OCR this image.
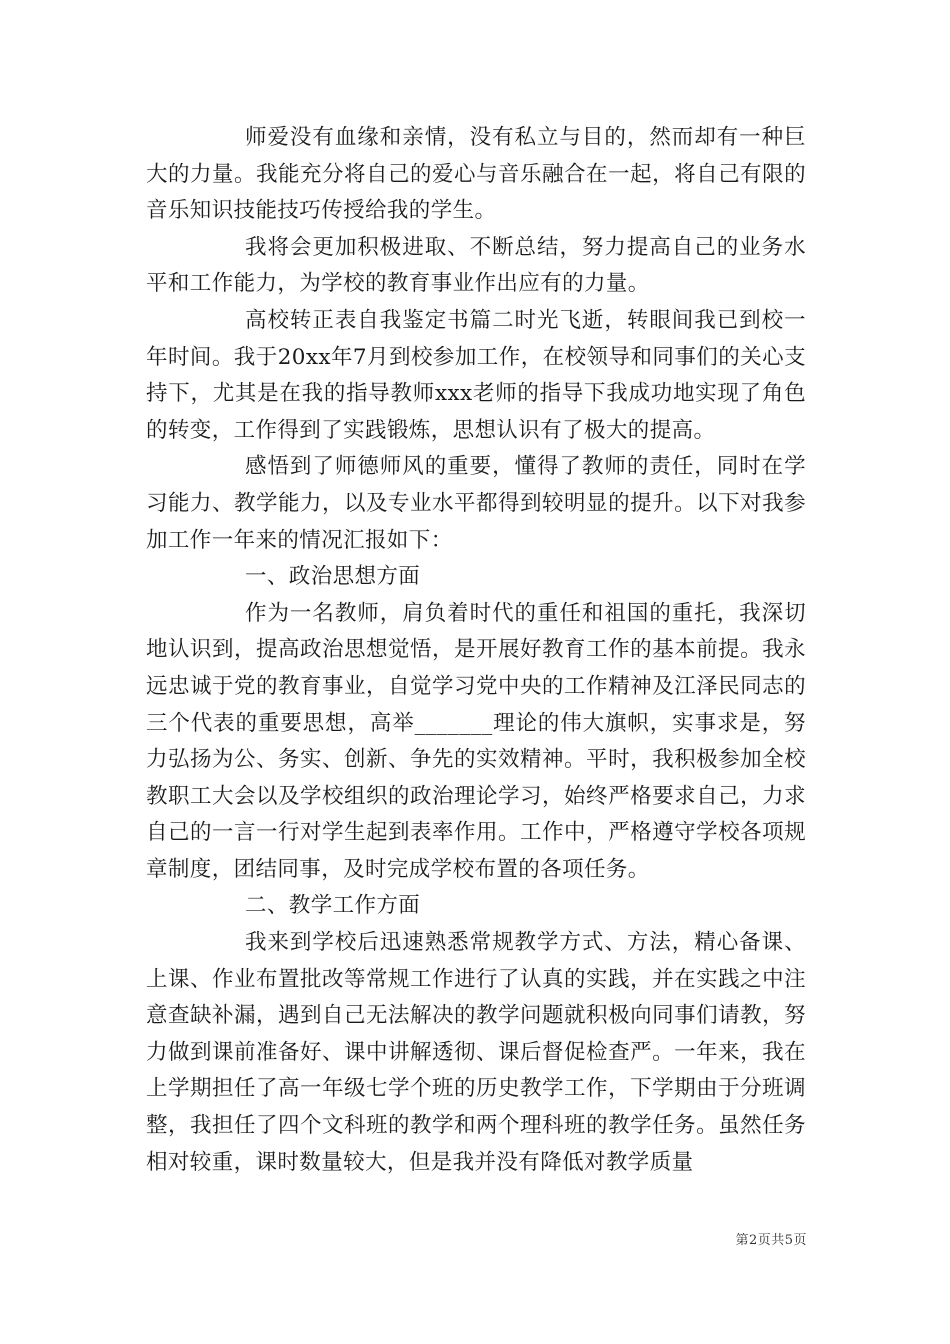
师爱没有血缘和亲情，没有私立与目的，然而却有一种巨大的力量。我能充分将自己的爱心与音乐融合在一起，将自己有限的音乐知识技能技巧传授给我的学生。

我将会更加积极进取、不断总结，努力提高自己的业务水平和工作能力，为学校的教育事业作出应有的力量。

高校转正表自我鉴定书篇二时光飞逝，转眼间我已到校一年时间。我于20xx年7月到校参加工作，在校领导和同事们的关心支持下，尤其是在我的指导教师xxx老师的指导下我成功地实现了角色的转变，工作得到了实践锻炼，思想认识有了极大的提高。

感悟到了师德师风的重要，懂得了教师的责任，同时在学习能力、教学能力，以及专业水平都得到较明显的提升。以下对我参加工作一年来的情况汇报如下：

一、政治思想方面

作为一名教师，肩负着时代的重任和祖国的重托，我深切地认识到，提高政治思想觉悟，是开展好教育工作的基本前提。我永远忠诚于党的教育事业，自觉学习党中央的工作精神及江泽民同志的三个代表的重要思想，高举_______理论的伟大旗帜，实事求是，努力弘扬为公、务实、创新、争先的实效精神。平时，我积极参加全校教职工大会以及学校组织的政治理论学习，始终严格要求自己，力求自己的一言一行对学生起到表率作用。工作中，严格遵守学校各项规章制度，团结同事，及时完成学校布置的各项任务。

二、教学工作方面

我来到学校后迅速熟悉常规教学方式、方法，精心备课、上课、作业布置批改等常规工作进行了认真的实践，并在实践之中注意查缺补漏，遇到自己无法解决的教学问题就积极向同事们请教，努力做到课前准备好、课中讲解透彻、课后督促检查严。一年来，我在上学期担任了高一年级七学个班的历史教学工作，下学期由于分班调整，我担任了四个文科班的教学和两个理科班的教学任务。虽然任务相对较重，课时数量较大，但是我并没有降低对教学质量

第2页共5页
